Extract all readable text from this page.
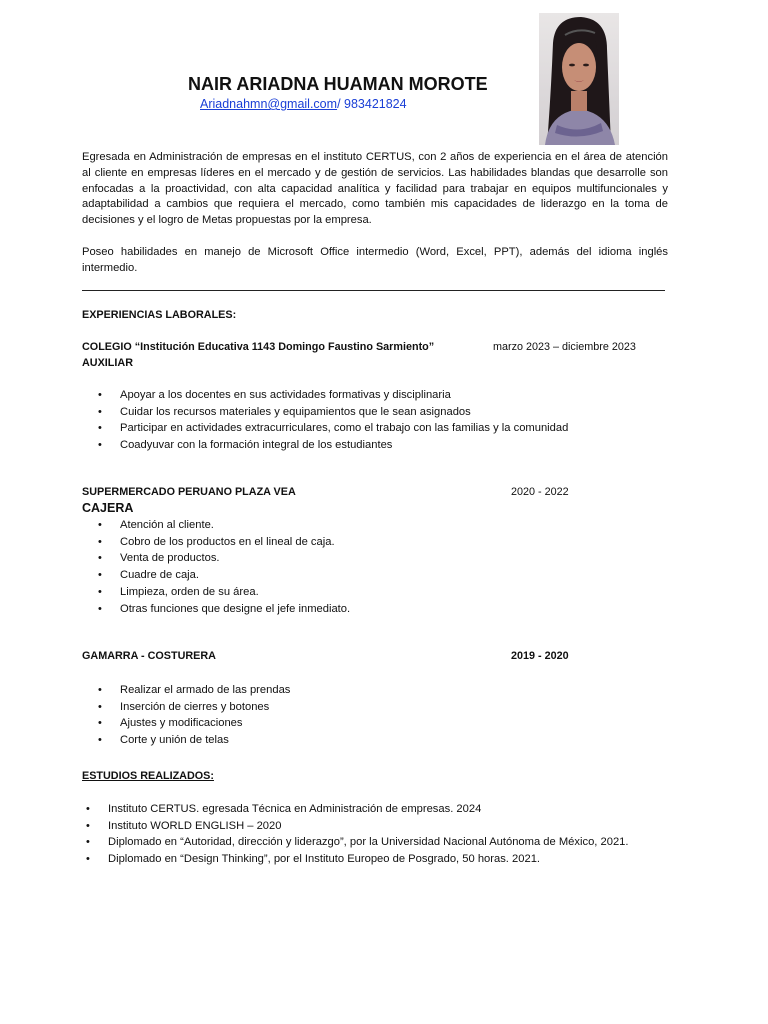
NAIR ARIADNA HUAMAN MOROTE
Ariadnahmn@gmail.com/ 983421824
Egresada en Administración de empresas en el instituto CERTUS, con 2 años de experiencia en el área de atención al cliente en empresas líderes en el mercado y de gestión de servicios. Las habilidades blandas que desarrolle son enfocadas a la proactividad, con alta capacidad analítica y facilidad para trabajar en equipos multifuncionales y adaptabilidad a cambios que requiera el mercado, como también mis capacidades de liderazgo en la toma de decisiones y el logro de Metas propuestas por la empresa.
Poseo habilidades en manejo de Microsoft Office intermedio (Word, Excel, PPT), además del idioma inglés intermedio.
EXPERIENCIAS LABORALES:
COLEGIO “Institución Educativa 1143 Domingo Faustino Sarmiento”	marzo 2023 – diciembre 2023
AUXILIAR
• Apoyar a los docentes en sus actividades formativas y disciplinaria
• Cuidar los recursos materiales y equipamientos que le sean asignados
• Participar en actividades extracurriculares, como el trabajo con las familias y la comunidad
• Coadyuvar con la formación integral de los estudiantes
SUPERMERCADO PERUANO PLAZA VEA	2020 - 2022
CAJERA
• Atención al cliente.
• Cobro de los productos en el lineal de caja.
• Venta de productos.
• Cuadre de caja.
• Limpieza, orden de su área.
• Otras funciones que designe el jefe inmediato.
GAMARRA - COSTURERA	2019 - 2020
• Realizar el armado de las prendas
• Inserción de cierres y botones
• Ajustes y modificaciones
• Corte y unión de telas
ESTUDIOS REALIZADOS:
• Instituto CERTUS. egresada Técnica en Administración de empresas. 2024
• Instituto WORLD ENGLISH – 2020
• Diplomado en “Autoridad, dirección y liderazgo”, por la Universidad Nacional Autónoma de México, 2021.
• Diplomado en “Design Thinking”, por el Instituto Europeo de Posgrado, 50 horas. 2021.
